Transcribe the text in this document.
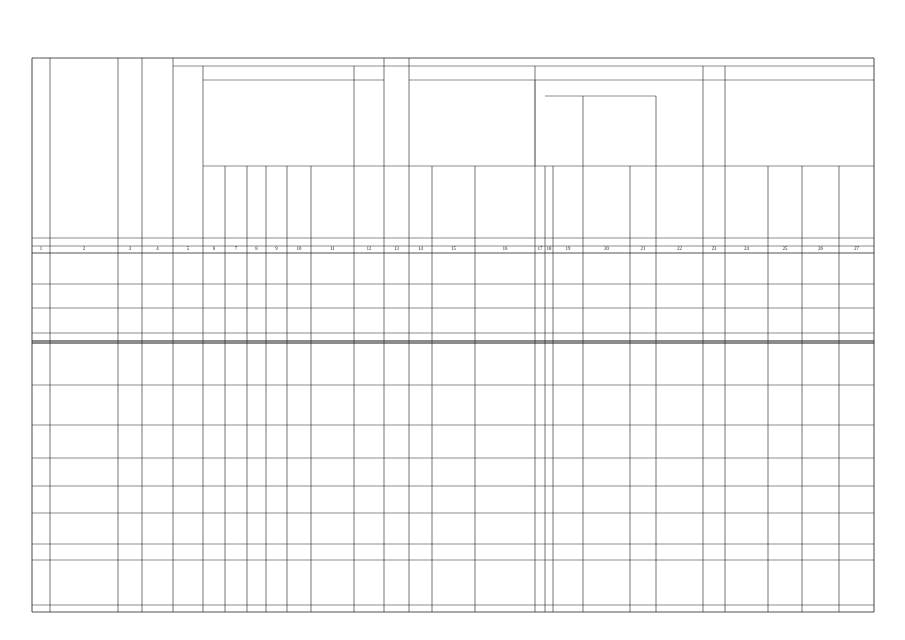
1	2	3	4	5	6	7	8	9	10	11	12	13	14	15	16	17 18	19	20	21	22	23	24	25	26	27
